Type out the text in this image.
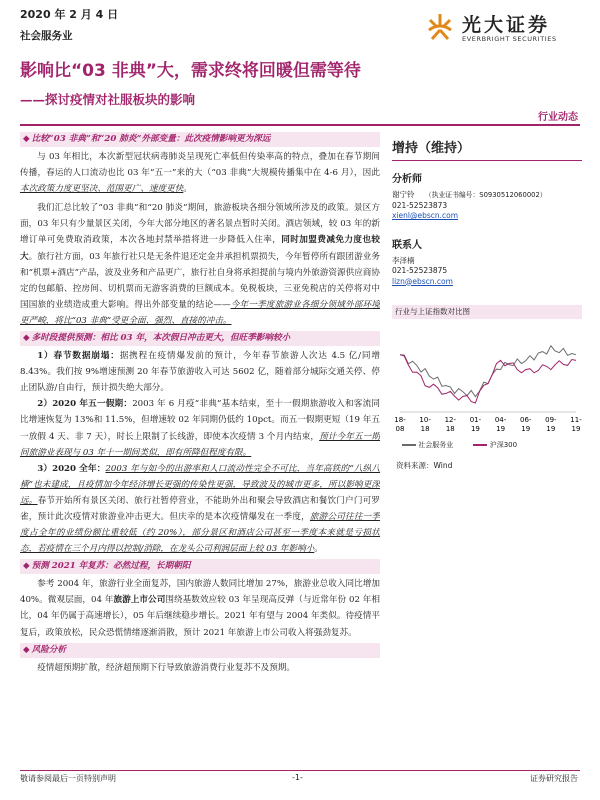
2020 年 2 月 4 日
社会服务业	光大证券
EVERBRIGHT SECURITIES
影响比“03 非典”大，需求终将回暖但需等待
——探讨疫情对社服板块的影响
行业动态
◆ 比较“03 非典”和“20 肺炎”外部变量：此次疫情影响更为深远

与 03 年相比，本次新型冠状病毒肺炎呈现死亡率低但传染率高的特点，叠加在春节期间传播，春运的人口流动也比 03 年“五一”来的大（“03 非典”大规模传播集中在 4-6 月），因此本次政策力度更坚决、范围更广、速度更快。

我们汇总比较了“03 非典”和“20 肺炎”期间，旅游板块各细分领域所涉及的政策。景区方面，03 年只有少量景区关闭，今年大部分地区的著名景点暂时关闭。酒店领域，较 03 年的新增订单可免费取消政策，本次各地封禁举措将进一步降低入住率，同时加盟费减免力度也较大。旅行社方面，03 年旅行社只是无条件退还定金并承担机票损失，今年暂停所有跟团游业务和“机票+酒店”产品，波及业务和产品更广，旅行社自身将承担提前与境内外旅游资源供应商协定的包邮船、控房间、切机票而无游客消费的巨额成本。免税板块，三亚免税店的关停将对中国国旅的业绩造成重大影响。得出外部变量的结论——今年一季度旅游业各细分领域外部环境更严峻，将比“03 非典”受更全面、强烈、直接的冲击。

◆ 多时段提供预测：相比 03 年，本次假日冲击更大，但旺季影响较小

1）春节数据崩塌：据携程在疫情爆发前的预计，今年春节旅游人次达 4.5 亿/同增 8.43%。我们按 9%增速预测 20 年春节旅游收入可达 5602 亿，随着部分城际交通关停、停止团队游/自由行，预计损失绝大部分。

2）2020 年五一假期：2003 年 6 月疫“非典”基本结束，至十一假期旅游收入和客流同比增速恢复为 13%和 11.5%，但增速较 02 年同期仍低约 10pct。而五一假期更短（19 年五一放假 4 天、非 7 天），时长上限制了长线游，即使本次疫情 3 个月内结束，预计今年五一期间旅游业表现与 03 年十一期间类似，即有所降但程度有限。

3）2020 全年：2003 年与如今的出游率和人口流动性完全不可比，当年高铁的“八纵八横”也未建成，且疫情加今年经济增长更强的传染性更强，导致波及的城市更多，所以影响更深远。春节开始所有景区关闭、旅行社暂停营业，不能助外出和聚会导致酒店和餐饮门户门可罗雀，预计此次疫情对旅游业冲击更大。但庆幸的是本次疫情爆发在一季度，旅游公司往往一季度占全年的业绩份额比重较低（约 20%），部分景区和酒店公司甚至一季度本来就是亏损状态，若疫情在三个月内得以控制/消除，在龙头公司利润层面上较 03 年影响小。

◆ 预测 2021 年复苏：必然过程，长期朝阳

参考 2004 年，旅游行业全面复苏，国内旅游人数同比增加 27%，旅游业总收入同比增加 40%。微观层面，04 年旅游上市公司围绕基数效应较 03 年呈现高反弹（与近常年份 02 年相比，04 年仍属于高速增长），05 年后继续稳步增长。2021 年有望与 2004 年类似。待疫情平复后，政策放松，民众恐慌情绪逐渐消散，预计 2021 年旅游上市公司收入将强劲复苏。

◆ 风险分析

疫情超预期扩散，经济超预期下行导致旅游消费行业复苏不及预期。

增持（维持）
分析师
谢宁铃 （执业证书编号：S0930512060002）
021-52523873
xienl@ebscn.com
联系人
李泽楠
021-52523875
lizn@ebscn.com
行业与上证指数对比图
18-
08
10-
18
12-
18
01-
19
04-
19
06-
19
09-
19
11-
19
社会服务业	沪深300
资料来源：Wind
敬请参阅最后一页特别声明	-1-	证券研究报告
